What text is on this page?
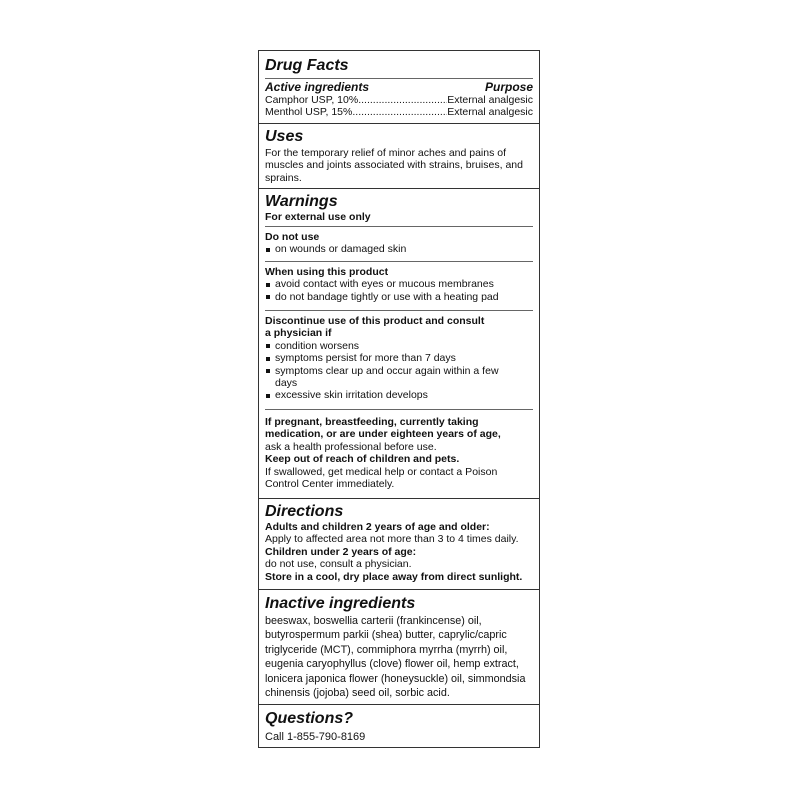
Drug Facts

Active ingredients	Purpose
Camphor USP, 10% .....	External analgesic
Menthol USP, 15% .....	External analgesic

Uses

For the temporary relief of minor aches and pains of muscles and joints associated with strains, bruises, and sprains.

Warnings

For external use only

Do not use

on wounds or damaged skin

When using this product

avoid contact with eyes or mucous membranes

do not bandage tightly or use with a heating pad

Discontinue use of this product and consult a physician if

condition worsens

symptoms persist for more than 7 days

symptoms clear up and occur again within a few days

excessive skin irritation develops

If pregnant, breastfeeding, currently taking medication, or are under eighteen years of age,

ask a health professional before use.

Keep out of reach of children and pets.

If swallowed, get medical help or contact a Poison Control Center immediately.

Directions

Adults and children 2 years of age and older:

Apply to affected area not more than 3 to 4 times daily.

Children under 2 years of age:

do not use, consult a physician.

Store in a cool, dry place away from direct sunlight.

Inactive ingredients

beeswax, boswellia carterii (frankincense) oil, butyrospermum parkii (shea) butter, caprylic/capric triglyceride (MCT), commiphora myrrha (myrrh) oil, eugenia caryophyllus (clove) flower oil, hemp extract, lonicera japonica flower (honeysuckle) oil, simmondsia chinensis (jojoba) seed oil, sorbic acid.

Questions?

Call 1-855-790-8169
